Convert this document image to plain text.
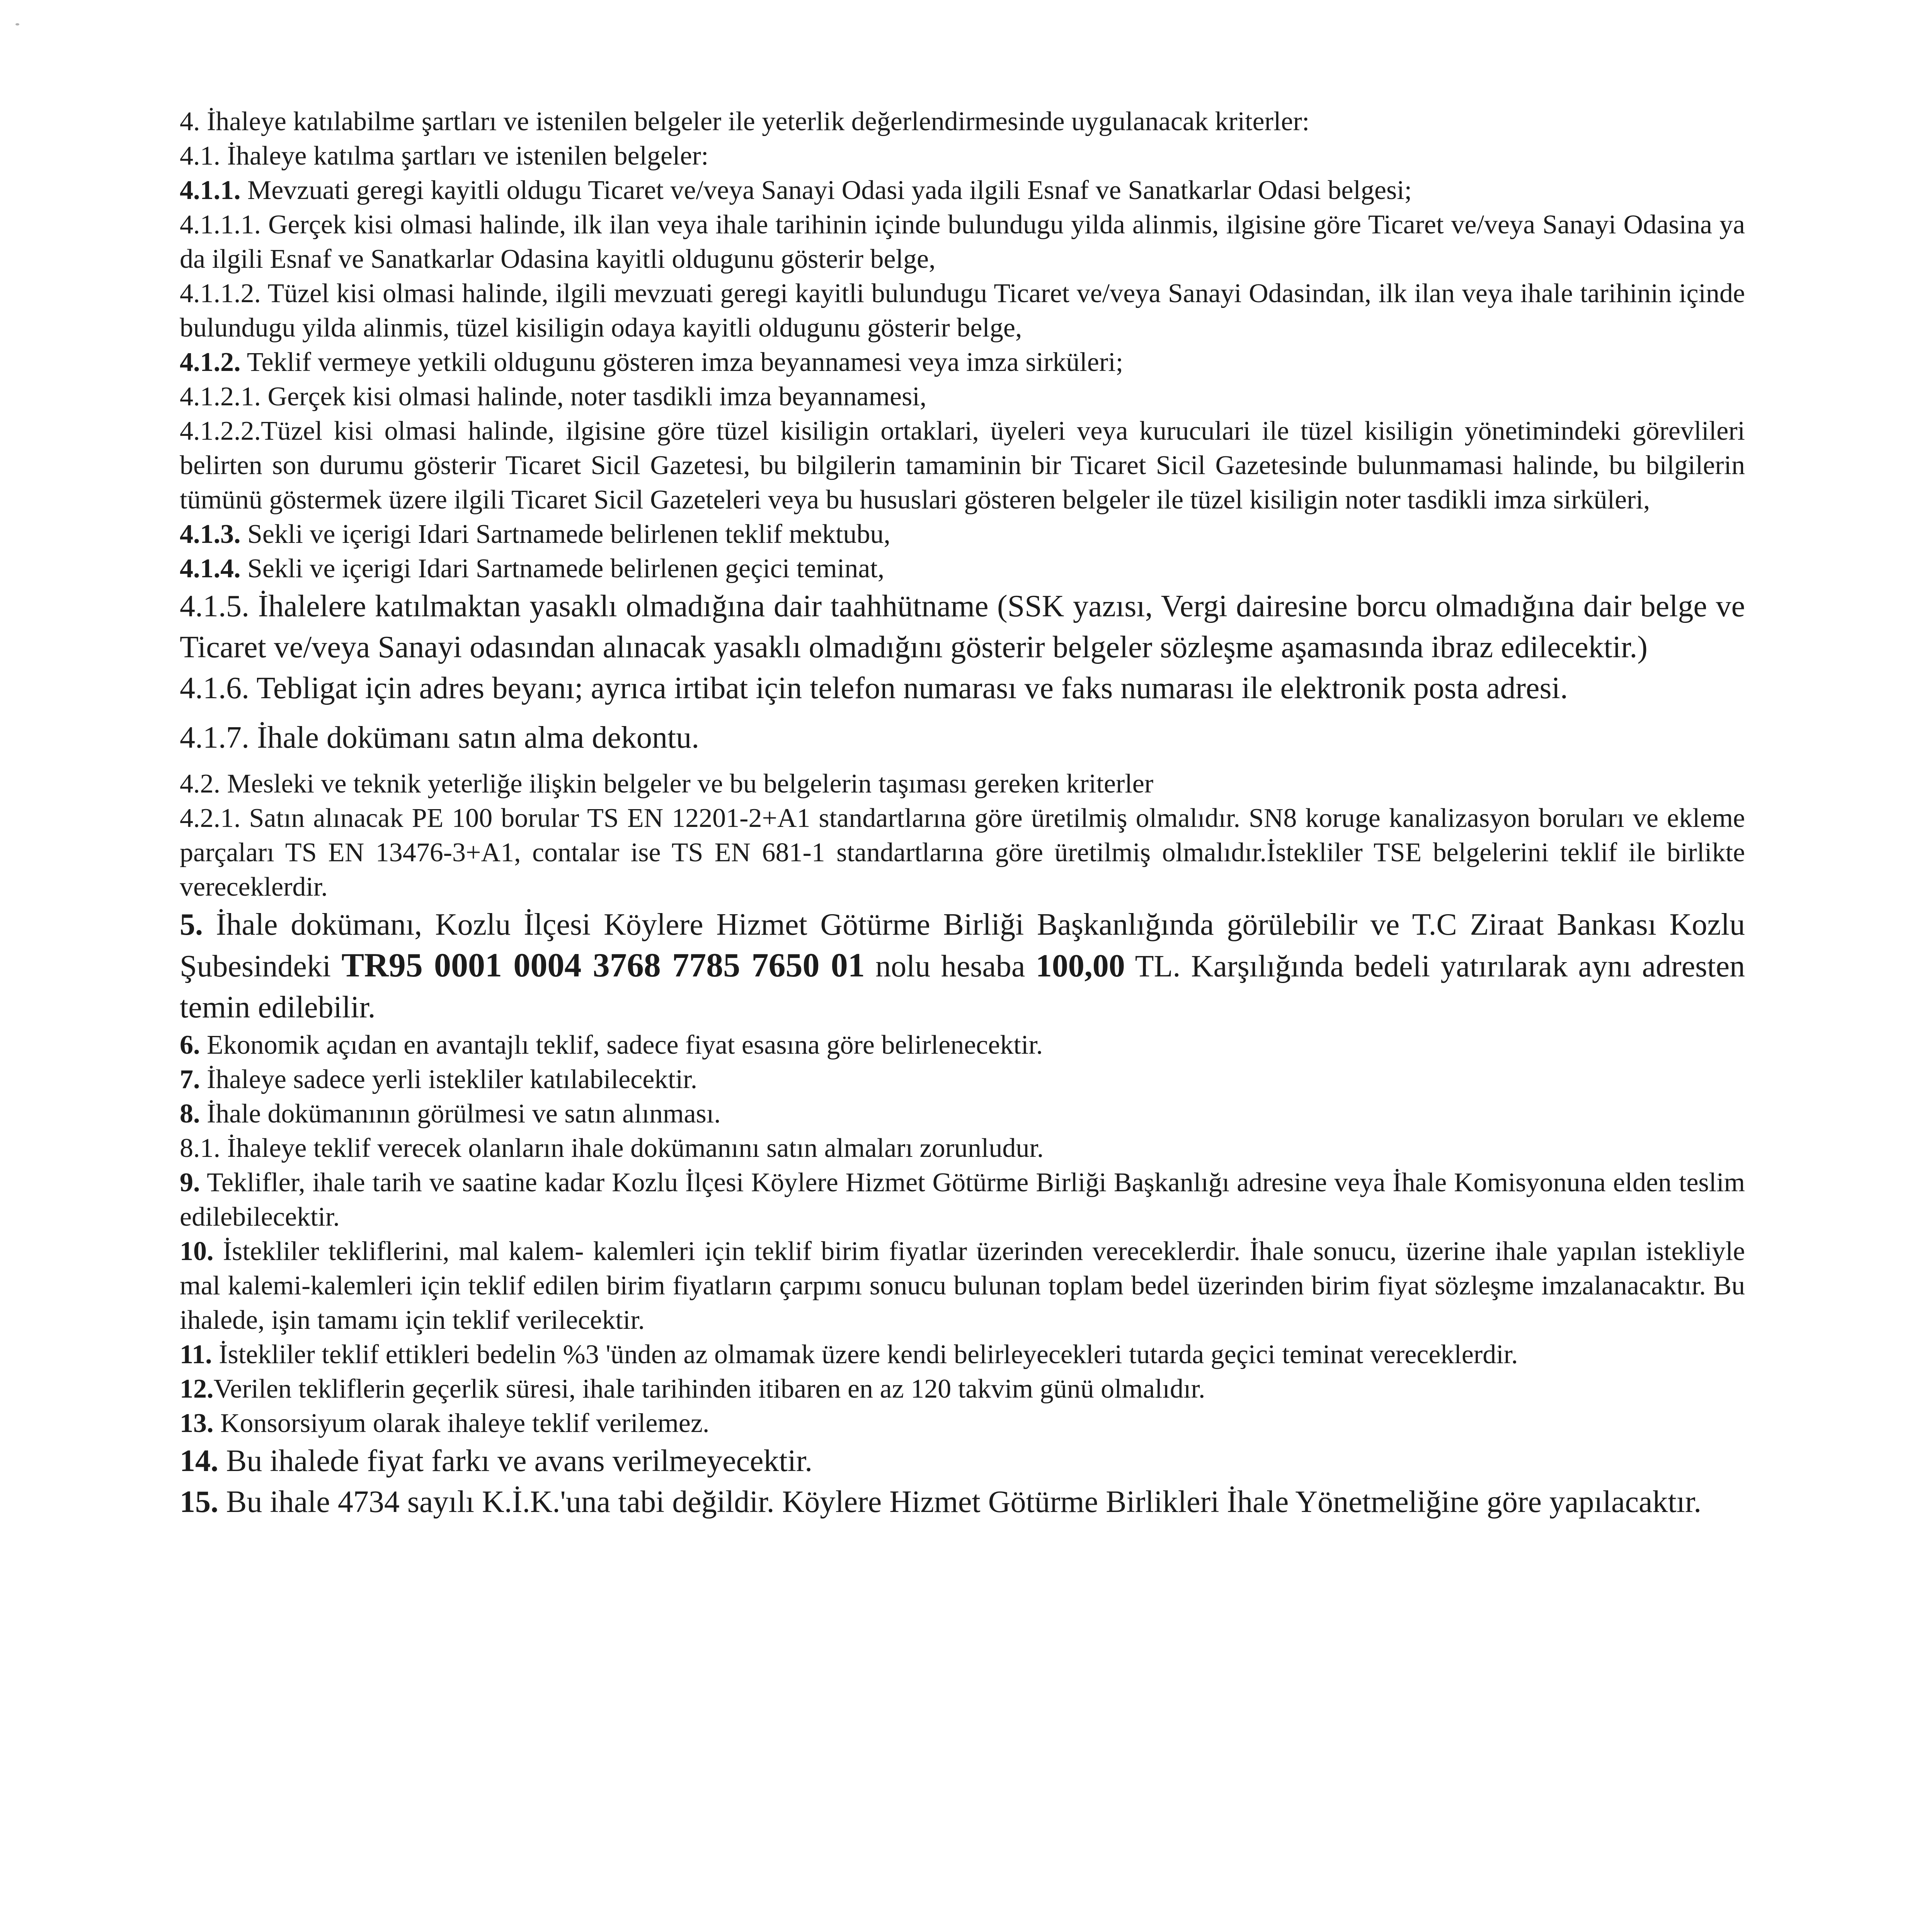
4. İhaleye katılabilme şartları ve istenilen belgeler ile yeterlik değerlendirmesinde uygulanacak kriterler:

4.1. İhaleye katılma şartları ve istenilen belgeler:

4.1.1. Mevzuati geregi kayitli oldugu Ticaret ve/veya Sanayi Odasi yada ilgili Esnaf ve Sanatkarlar Odasi belgesi;

4.1.1.1. Gerçek kisi olmasi halinde, ilk ilan veya ihale tarihinin içinde bulundugu yilda alinmis, ilgisine göre Ticaret ve/veya Sanayi Odasina ya da ilgili Esnaf ve Sanatkarlar Odasina kayitli oldugunu gösterir belge,

4.1.1.2. Tüzel kisi olmasi halinde, ilgili mevzuati geregi kayitli bulundugu Ticaret ve/veya Sanayi Odasindan, ilk ilan veya ihale tarihinin içinde bulundugu yilda alinmis, tüzel kisiligin odaya kayitli oldugunu gösterir belge,

4.1.2. Teklif vermeye yetkili oldugunu gösteren imza beyannamesi veya imza sirküleri;

4.1.2.1. Gerçek kisi olmasi halinde, noter tasdikli imza beyannamesi,

4.1.2.2.Tüzel kisi olmasi halinde, ilgisine göre tüzel kisiligin ortaklari, üyeleri veya kuruculari ile tüzel kisiligin yönetimindeki görevlileri belirten son durumu gösterir Ticaret Sicil Gazetesi, bu bilgilerin tamaminin bir Ticaret Sicil Gazetesinde bulunmamasi halinde, bu bilgilerin tümünü göstermek üzere ilgili Ticaret Sicil Gazeteleri veya bu hususlari gösteren belgeler ile tüzel kisiligin noter tasdikli imza sirküleri,

4.1.3. Sekli ve içerigi Idari Sartnamede belirlenen teklif mektubu,

4.1.4. Sekli ve içerigi Idari Sartnamede belirlenen geçici teminat,

4.1.5. İhalelere katılmaktan yasaklı olmadığına dair taahhütname (SSK yazısı, Vergi dairesine borcu olmadığına dair belge ve Ticaret ve/veya Sanayi odasından alınacak yasaklı olmadığını gösterir belgeler sözleşme aşamasında ibraz edilecektir.)

4.1.6. Tebligat için adres beyanı; ayrıca irtibat için telefon numarası ve faks numarası ile elektronik posta adresi.

4.1.7. İhale dokümanı satın alma dekontu.

4.2. Mesleki ve teknik yeterliğe ilişkin belgeler ve bu belgelerin taşıması gereken kriterler

4.2.1. Satın alınacak PE 100 borular TS EN 12201-2+A1 standartlarına göre üretilmiş olmalıdır. SN8 koruge kanalizasyon boruları ve ekleme parçaları TS EN 13476-3+A1, contalar ise TS EN 681-1 standartlarına göre üretilmiş olmalıdır.İstekliler TSE belgelerini teklif ile birlikte vereceklerdir.

5. İhale dokümanı, Kozlu İlçesi Köylere Hizmet Götürme Birliği Başkanlığında görülebilir ve T.C Ziraat Bankası Kozlu Şubesindeki TR95 0001 0004 3768 7785 7650 01 nolu hesaba 100,00 TL. Karşılığında bedeli yatırılarak aynı adresten temin edilebilir.

6. Ekonomik açıdan en avantajlı teklif, sadece fiyat esasına göre belirlenecektir.

7. İhaleye sadece yerli istekliler katılabilecektir.

8. İhale dokümanının görülmesi ve satın alınması.

8.1. İhaleye teklif verecek olanların ihale dokümanını satın almaları zorunludur.

9. Teklifler, ihale tarih ve saatine kadar Kozlu İlçesi Köylere Hizmet Götürme Birliği Başkanlığı adresine veya İhale Komisyonuna elden teslim edilebilecektir.

10. İstekliler tekliflerini, mal kalem- kalemleri için teklif birim fiyatlar üzerinden vereceklerdir. İhale sonucu, üzerine ihale yapılan istekliyle mal kalemi-kalemleri için teklif edilen birim fiyatların çarpımı sonucu bulunan toplam bedel üzerinden birim fiyat sözleşme imzalanacaktır. Bu ihalede, işin tamamı için teklif verilecektir.

11. İstekliler teklif ettikleri bedelin %3 'ünden az olmamak üzere kendi belirleyecekleri tutarda geçici teminat vereceklerdir.

12.Verilen tekliflerin geçerlik süresi, ihale tarihinden itibaren en az 120 takvim günü olmalıdır.

13. Konsorsiyum olarak ihaleye teklif verilemez.

14. Bu ihalede fiyat farkı ve avans verilmeyecektir.

15. Bu ihale 4734 sayılı K.İ.K.'una tabi değildir. Köylere Hizmet Götürme Birlikleri İhale Yönetmeliğine göre yapılacaktır.
